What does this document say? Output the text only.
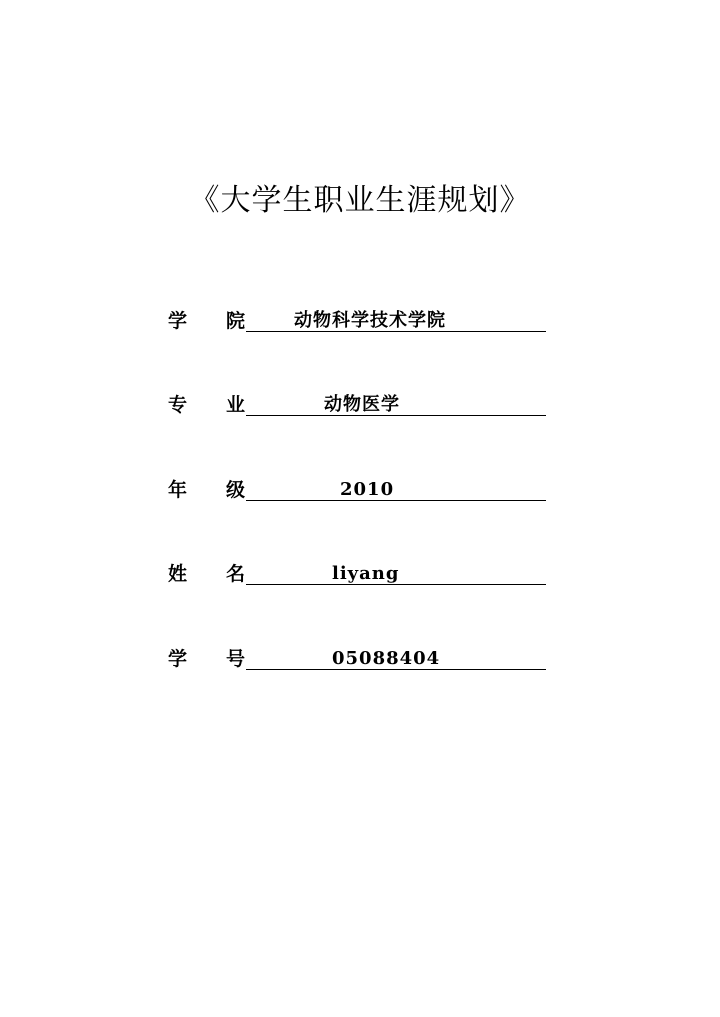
《大学生职业生涯规划》
学 院	动物科学技术学院
专 业	动物医学
年 级	2010
姓 名	liyang
学 号	05088404
